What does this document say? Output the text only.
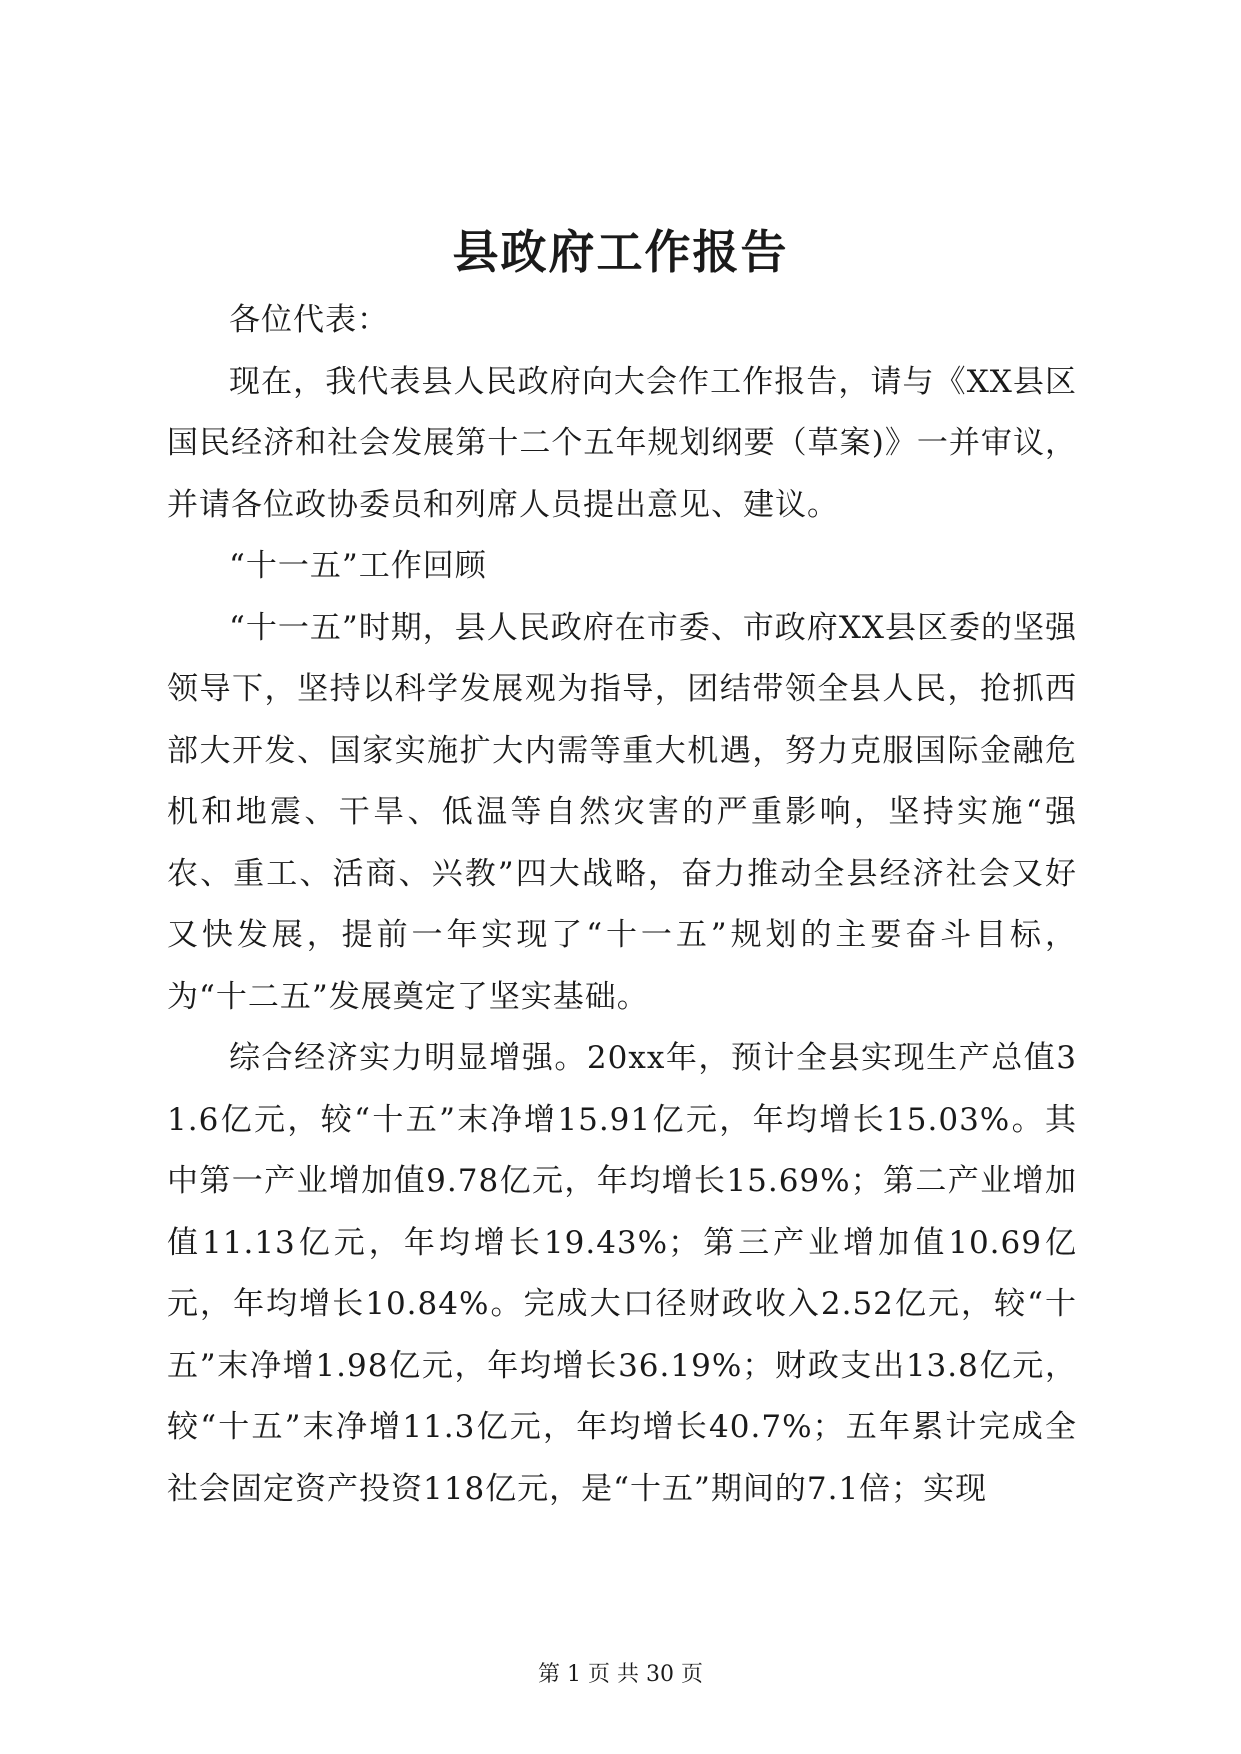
县政府工作报告

各位代表：

现在，我代表县人民政府向大会作工作报告，请与《XX县区国民经济和社会发展第十二个五年规划纲要（草案)》一并审议，并请各位政协委员和列席人员提出意见、建议。

“十一五”工作回顾

“十一五”时期，县人民政府在市委、市政府XX县区委的坚强领导下，坚持以科学发展观为指导，团结带领全县人民，抢抓西部大开发、国家实施扩大内需等重大机遇，努力克服国际金融危机和地震、干旱、低温等自然灾害的严重影响，坚持实施“强农、重工、活商、兴教”四大战略，奋力推动全县经济社会又好又快发展，提前一年实现了“十一五”规划的主要奋斗目标，为“十二五”发展奠定了坚实基础。

综合经济实力明显增强。20xx年，预计全县实现生产总值31.6亿元，较“十五”末净增15.91亿元，年均增长15.03%。其中第一产业增加值9.78亿元，年均增长15.69%；第二产业增加值11.13亿元，年均增长19.43%；第三产业增加值10.69亿元，年均增长10.84%。完成大口径财政收入2.52亿元，较“十五”末净增1.98亿元，年均增长36.19%；财政支出13.8亿元，较“十五”末净增11.3亿元，年均增长40.7%；五年累计完成全社会固定资产投资118亿元，是“十五”期间的7.1倍；实现

第 1 页 共 30 页
